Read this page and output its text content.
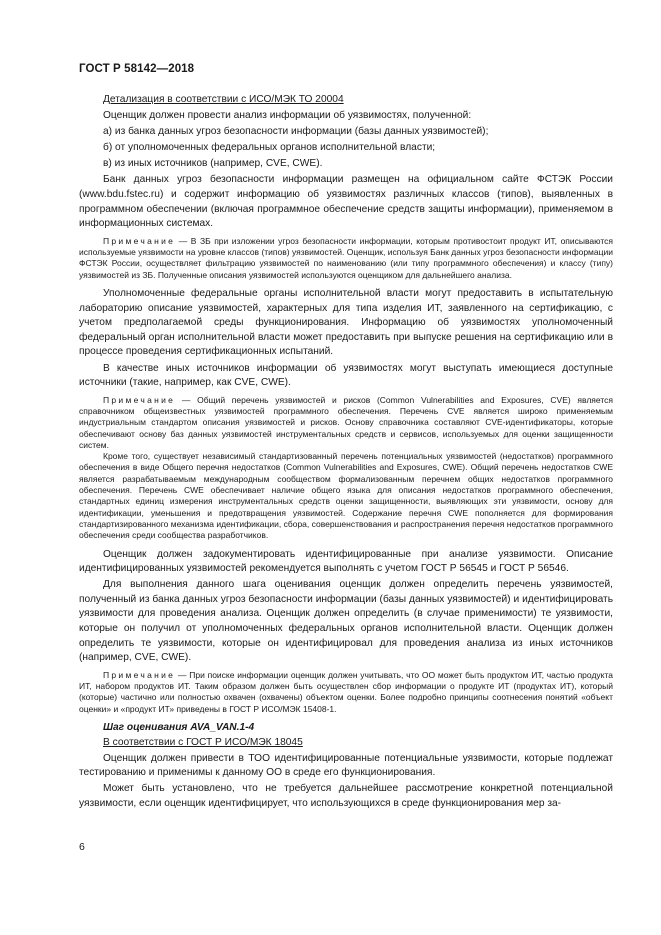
ГОСТ Р 58142—2018

Детализация в соответствии с ИСО/МЭК ТО 20004

Оценщик должен провести анализ информации об уязвимостях, полученной:

а) из банка данных угроз безопасности информации (базы данных уязвимостей);

б) от уполномоченных федеральных органов исполнительной власти;

в) из иных источников (например, CVE, CWE).

Банк данных угроз безопасности информации размещен на официальном сайте ФСТЭК России (www.bdu.fstec.ru) и содержит информацию об уязвимостях различных классов (типов), выявленных в программном обеспечении (включая программное обеспечение средств защиты информации), применяемом в информационных системах.

Примечание — В ЗБ при изложении угроз безопасности информации, которым противостоит продукт ИТ, описываются используемые уязвимости на уровне классов (типов) уязвимостей. Оценщик, используя Банк данных угроз безопасности информации ФСТЭК России, осуществляет фильтрацию уязвимостей по наименованию (или типу программного обеспечения) и классу (типу) уязвимостей из ЗБ. Полученные описания уязвимостей используются оценщиком для дальнейшего анализа.

Уполномоченные федеральные органы исполнительной власти могут предоставить в испытательную лабораторию описание уязвимостей, характерных для типа изделия ИТ, заявленного на сертификацию, с учетом предполагаемой среды функционирования. Информацию об уязвимостях уполномоченный федеральный орган исполнительной власти может предоставить при выпуске решения на сертификацию или в процессе проведения сертификационных испытаний.

В качестве иных источников информации об уязвимостях могут выступать имеющиеся доступные источники (такие, например, как CVE, CWE).

Примечание — Общий перечень уязвимостей и рисков (Common Vulnerabilities and Exposures, CVE) является справочником общеизвестных уязвимостей программного обеспечения. Перечень CVE является широко применяемым индустриальным стандартом описания уязвимостей и рисков. Основу справочника составляют CVE-идентификаторы, которые обеспечивают основу баз данных уязвимостей инструментальных средств и сервисов, используемых для оценки защищенности систем.

Кроме того, существует независимый стандартизованный перечень потенциальных уязвимостей (недостатков) программного обеспечения в виде Общего перечня недостатков (Common Vulnerabilities and Exposures, CWE). Общий перечень недостатков CWE является разрабатываемым международным сообществом формализованным перечнем общих недостатков программного обеспечения. Перечень CWE обеспечивает наличие общего языка для описания недостатков программного обеспечения, стандартных единиц измерения инструментальных средств оценки защищенности, выявляющих эти уязвимости, основу для идентификации, уменьшения и предотвращения уязвимостей. Содержание перечня CWE пополняется для формирования стандартизированного механизма идентификации, сбора, совершенствования и распространения перечня недостатков программного обеспечения среди сообщества разработчиков.

Оценщик должен задокументировать идентифицированные при анализе уязвимости. Описание идентифицированных уязвимостей рекомендуется выполнять с учетом ГОСТ Р 56545 и ГОСТ Р 56546.

Для выполнения данного шага оценивания оценщик должен определить перечень уязвимостей, полученный из банка данных угроз безопасности информации (базы данных уязвимостей) и идентифицировать уязвимости для проведения анализа. Оценщик должен определить (в случае применимости) те уязвимости, которые он получил от уполномоченных федеральных органов исполнительной власти. Оценщик должен определить те уязвимости, которые он идентифицировал для проведения анализа из иных источников (например, CVE, CWE).

Примечание — При поиске информации оценщик должен учитывать, что ОО может быть продуктом ИТ, частью продукта ИТ, набором продуктов ИТ. Таким образом должен быть осуществлен сбор информации о продукте ИТ (продуктах ИТ), который (которые) частично или полностью охвачен (охвачены) объектом оценки. Более подробно принципы соотнесения понятий «объект оценки» и «продукт ИТ» приведены в ГОСТ Р ИСО/МЭК 15408-1.

Шаг оценивания AVA_VAN.1-4

В соответствии с ГОСТ Р ИСО/МЭК 18045

Оценщик должен привести в ТОО идентифицированные потенциальные уязвимости, которые подлежат тестированию и применимы к данному ОО в среде его функционирования.

Может быть установлено, что не требуется дальнейшее рассмотрение конкретной потенциальной уязвимости, если оценщик идентифицирует, что использующихся в среде функционирования мер за-

6
